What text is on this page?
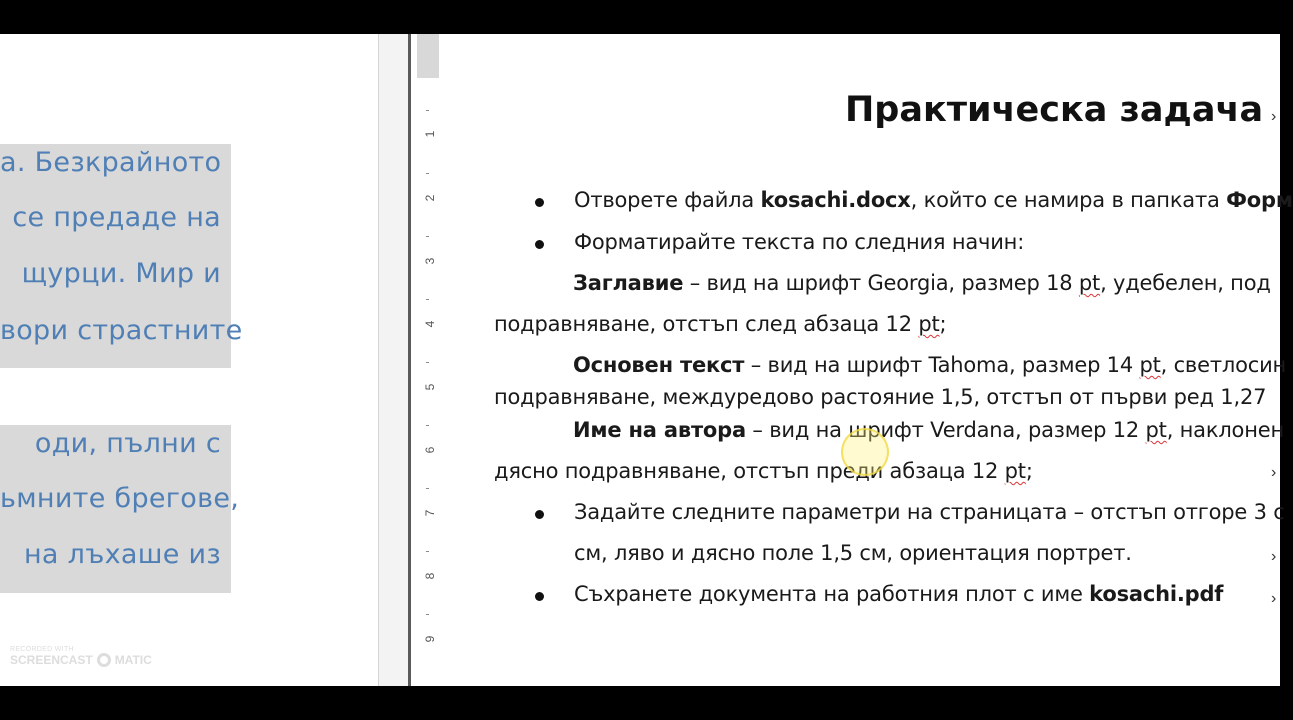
а. Безкрайното
се предаде на
щурци. Мир и
вори страстните
оди, пълни с
ьмните брегове,
на лъхаше из
1
2
3
4
5
6
7
8
9
Практическа задача ›
Отворете файла kosachi.docx, който се намира в папката Форм
Форматирайте текста по следния начин:
Заглавие – вид на шрифт Georgia, размер 18 pt, удебелен, под
подравняване, отстъп след абзаца 12 pt;
Основен текст – вид на шрифт Tahoma, размер 14 pt, светлосин
подравняване, междуредово растояние 1,5, отстъп от първи ред 1,27
Име на автора – вид на шрифт Verdana, размер 12 pt, наклонен
дясно подравняване, отстъп преди абзаца 12 pt;	›
Задайте следните параметри на страницата – отстъп отгоре 3 с
см, ляво и дясно поле 1,5 см, ориентация портрет.	›
Съхранете документа на работния плот с име kosachi.pdf	›
RECORDED WITH
SCREENCAST MATIC
